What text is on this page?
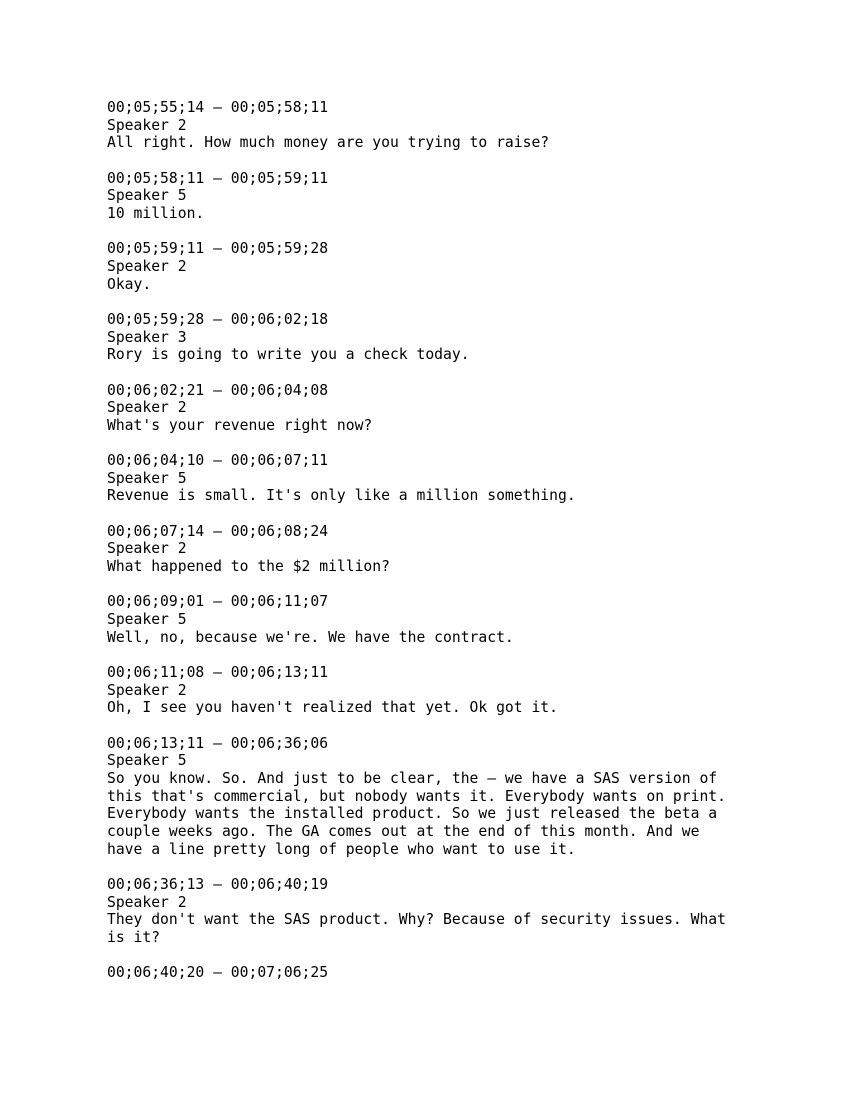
00;05;55;14 – 00;05;58;11
Speaker 2
All right. How much money are you trying to raise?
00;05;58;11 – 00;05;59;11
Speaker 5
10 million.
00;05;59;11 – 00;05;59;28
Speaker 2
Okay.
00;05;59;28 – 00;06;02;18
Speaker 3
Rory is going to write you a check today.
00;06;02;21 – 00;06;04;08
Speaker 2
What's your revenue right now?
00;06;04;10 – 00;06;07;11
Speaker 5
Revenue is small. It's only like a million something.
00;06;07;14 – 00;06;08;24
Speaker 2
What happened to the $2 million?
00;06;09;01 – 00;06;11;07
Speaker 5
Well, no, because we're. We have the contract.
00;06;11;08 – 00;06;13;11
Speaker 2
Oh, I see you haven't realized that yet. Ok got it.
00;06;13;11 – 00;06;36;06
Speaker 5
So you know. So. And just to be clear, the – we have a SAS version of
this that's commercial, but nobody wants it. Everybody wants on print.
Everybody wants the installed product. So we just released the beta a
couple weeks ago. The GA comes out at the end of this month. And we
have a line pretty long of people who want to use it.
00;06;36;13 – 00;06;40;19
Speaker 2
They don't want the SAS product. Why? Because of security issues. What
is it?
00;06;40;20 – 00;07;06;25
